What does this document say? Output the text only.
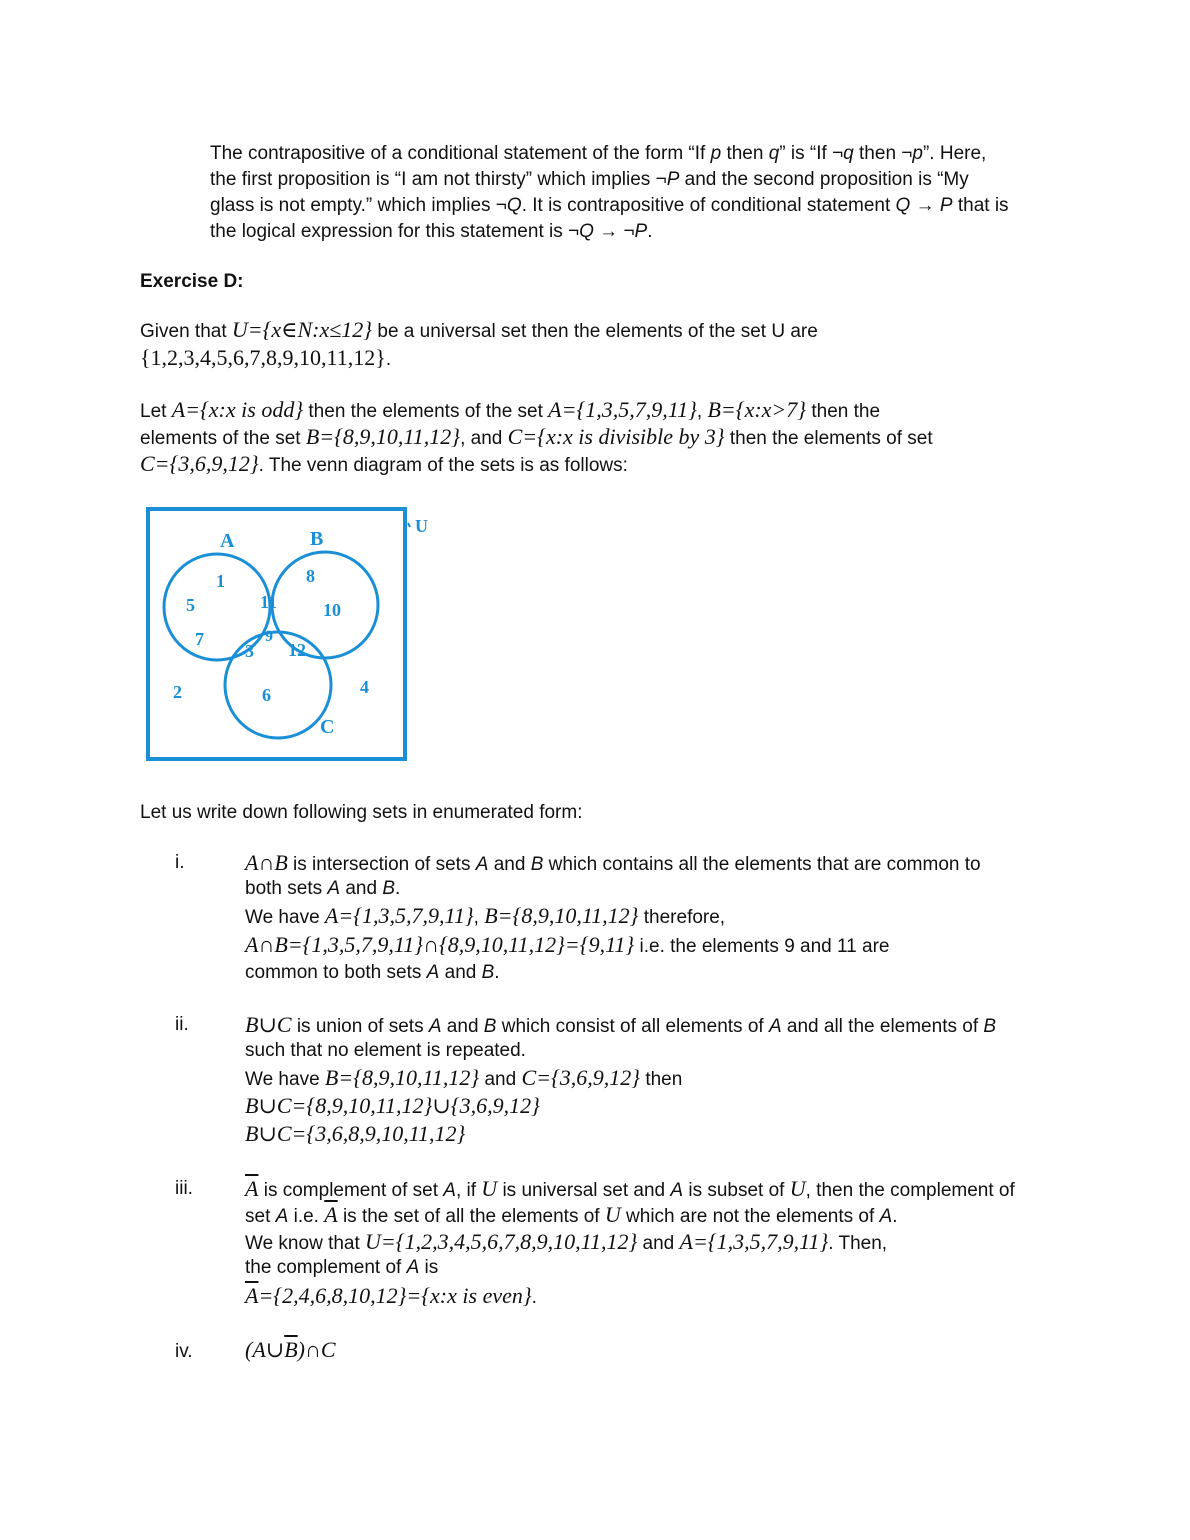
The contrapositive of a conditional statement of the form “If p then q” is “If ¬q then ¬p”. Here,
the first proposition is “I am not thirsty” which implies ¬P and the second proposition is “My
glass is not empty.” which implies ¬Q. It is contrapositive of conditional statement Q → P that is
the logical expression for this statement is ¬Q → ¬P.
Exercise D:
Given that U={x∈N:x≤12} be a universal set then the elements of the set U are
{1,2,3,4,5,6,7,8,9,10,11,12}.
Let A={x:x is odd} then the elements of the set A={1,3,5,7,9,11}, B={x:x>7} then the
elements of the set B={8,9,10,11,12}, and C={x:x is divisible by 3} then the elements of set
C={3,6,9,12}. The venn diagram of the sets is as follows:
U
A	B
C
1
5
7
8
10
11
9
3 12
2	6	4
Let us write down following sets in enumerated form:
i.	A∩B is intersection of sets A and B which contains all the elements that are common to
both sets A and B.
We have A={1,3,5,7,9,11}, B={8,9,10,11,12} therefore,
A∩B={1,3,5,7,9,11}∩{8,9,10,11,12}={9,11} i.e. the elements 9 and 11 are
common to both sets A and B.
ii.	B∪C is union of sets A and B which consist of all elements of A and all the elements of B
such that no element is repeated.
We have B={8,9,10,11,12} and C={3,6,9,12} then
B∪C={8,9,10,11,12}∪{3,6,9,12}
B∪C={3,6,8,9,10,11,12}
iii. $\overline{A}$ is complement of set A, if U is universal set and A is subset of U, then the complement of
set A i.e. $\overline{A}$ is the set of all the elements of U which are not the elements of A.
We know that U={1,2,3,4,5,6,7,8,9,10,11,12} and A={1,3,5,7,9,11}. Then,
the complement of A is
$\overline{A}=\{2,4,6,8,10,12\}=\{x:x$ is even}.
iv. $(A\cup\overline{B})\cap C$
